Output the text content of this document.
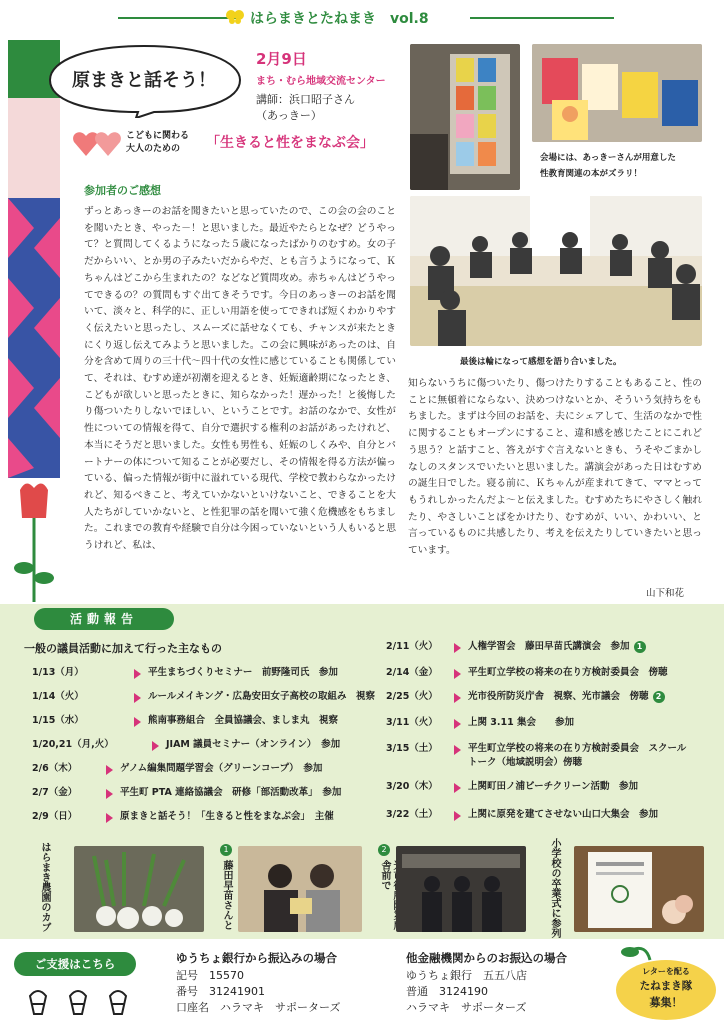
はらまきとたねまき　vol.8
原まきと話そう！
2月9日
まち・むら地域交流センター
講師：浜口昭子さん
（あっきー）
こどもに関わる
大人のための 「生きると性をまなぶ会」
会場には、あっきーさんが用意した
性教育関連の本がズラリ！
最後は輪になって感想を語り合いました。
参加者のご感想
ずっとあっきーのお話を聞きたいと思っていたので、この会の会のことを聞いたとき、やった－！と思いました。最近やたらとなぜ？どうやって？と質問してくるようになった５歳になったばかりのむすめ。女の子だからいい、とか男の子みたいだからやだ、とも言うようになって、Ｋちゃんはどこから生まれたの？などなど質問攻め。赤ちゃんはどうやってできるの？の質問もすぐ出てきそうです。今日のあっきーのお話を聞いて、淡々と、科学的に、正しい用語を使ってできれば短くわかりやすく伝えたいと思ったし、スムーズに話せなくても、チャンスが来たときにくり返し伝えてみようと思いました。この会に興味があったのは、自分を含めて周りの三十代～四十代の女性に感じていることも関係していて、それは、むすめ達が初潮を迎えるとき、妊娠適齢期になったとき、こどもが欲しいと思ったときに、知らなかった！遅かった！と後悔したり傷ついたりしないでほしい、ということです。お話のなかで、女性が性についての情報を得て、自分で選択する権利のお話があったけれど、本当にそうだと思いました。女性も男性も、妊娠のしくみや、自分とパートナーの体について知ることが必要だし、その情報を得る方法が偏っている、偏った情報が街中に溢れている現代、学校で教わらなかったけれど、知るべきこと、考えていかないといけないこと、できることを大人たちがしていかないと、と性犯罪の話を聞いて強く危機感をもちました。これまでの教育や経験で自分は今困っていないという人もいると思うけれど、私は、
知らないうちに傷ついたり、傷つけたりすることもあること、性のことに無頓着にならない、決めつけないとか、そういう気持ちをもちました。まずは今回のお話を、夫にシェアして、生活のなかで性に関することもオープンにすること、違和感を感じたことにこれどう思う？と話すこと、答えがすぐ言えないときも、うそやごまかしなしのスタンスでいたいと思いました。講演会があった日はむすめの誕生日でした。寝る前に、Ｋちゃんが産まれてきて、ママとってもうれしかったんだよ～と伝えました。むすめたちにやさしく触れたり、やさしいことばをかけたり、むすめが、いい、かわいい、と言っているものに共感したり、考えを伝えたりしていきたいと思っています。
山下和花
活動報告
一般の議員活動に加えて行った主なもの
1/13（月）	平生まちづくりセミナー　前野隆司氏　参加
1/14（火）	ルールメイキング・広島安田女子高校の取組み　視察
1/15（水）	熊南事務組合　全員協議会、ましま丸　視察
1/20,21（月,火）	JIAM 議員セミナー（オンライン）　参加
2/6（木）	ゲノム編集問題学習会（グリーンコープ）　参加
2/7（金）	平生町 PTA 連絡協議会　研修「部活動改革」　参加
2/9（日）	原まきと話そう！「生きると性をまなぶ会」　主催
2/11（火）	人権学習会　藤田早苗氏講演会　参加 1
2/14（金）	平生町立学校の将来の在り方検討委員会　傍聴
2/25（火）	光市役所防災庁舎　視察、光市議会　傍聴 2
3/11（火）	上関 3.11 集会　　参加
3/15（土）	平生町立学校の将来の在り方検討委員会　スクール
トーク（地域説明会）傍聴
3/20（木）	上関町田ノ浦ビーチクリーン活動　参加
3/22（土）	上関に原発を建てさせない山口大集会　参加
はらまき農園のカブ	1
藤田早苗さんと
2
舎前で	小学校の卒業式に参列
ご支援はこちら	ゆうちょ銀行から振込みの場合
記号　15570
番号　31241901
口座名　ハラマキ　サポーターズ
他金融機関からのお振込の場合
ゆうちょ銀行　五五八店
普通　3124190
ハラマキ　サポーターズ
レターを配る
たねまき隊
募集！
